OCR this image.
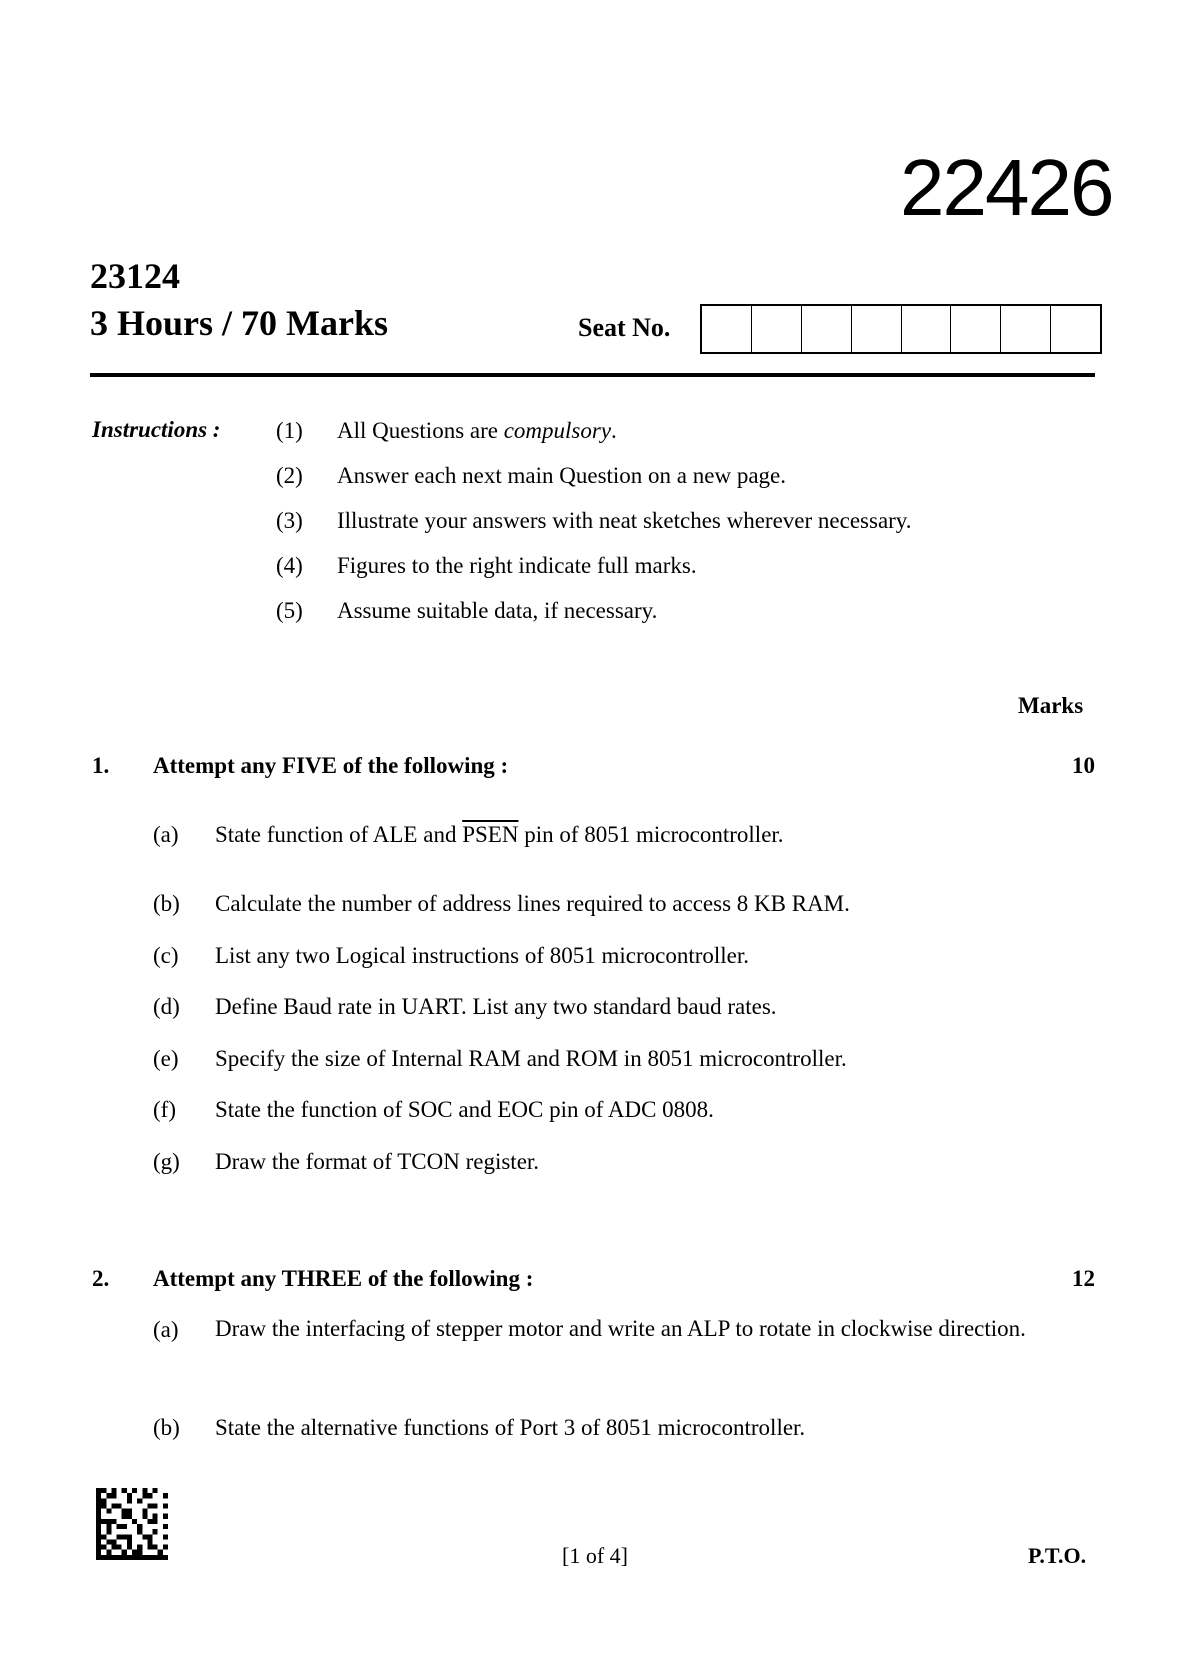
22426
23124
3 Hours / 70 Marks	Seat No.
Instructions : (1) All Questions are compulsory.
(2) Answer each next main Question on a new page.
(3) Illustrate your answers with neat sketches wherever necessary.
(4) Figures to the right indicate full marks.
(5) Assume suitable data, if necessary.
Marks
1. Attempt any FIVE of the following :	10
(a) State function of ALE and PSEN pin of 8051 microcontroller.
(b) Calculate the number of address lines required to access 8 KB RAM.
(c) List any two Logical instructions of 8051 microcontroller.
(d) Define Baud rate in UART. List any two standard baud rates.
(e) Specify the size of Internal RAM and ROM in 8051 microcontroller.
(f) State the function of SOC and EOC pin of ADC 0808.
(g) Draw the format of TCON register.
2. Attempt any THREE of the following :	12
(a) Draw the interfacing of stepper motor and write an ALP to rotate in clockwise direction.
(b) State the alternative functions of Port 3 of 8051 microcontroller.
[1 of 4]	P.T.O.
